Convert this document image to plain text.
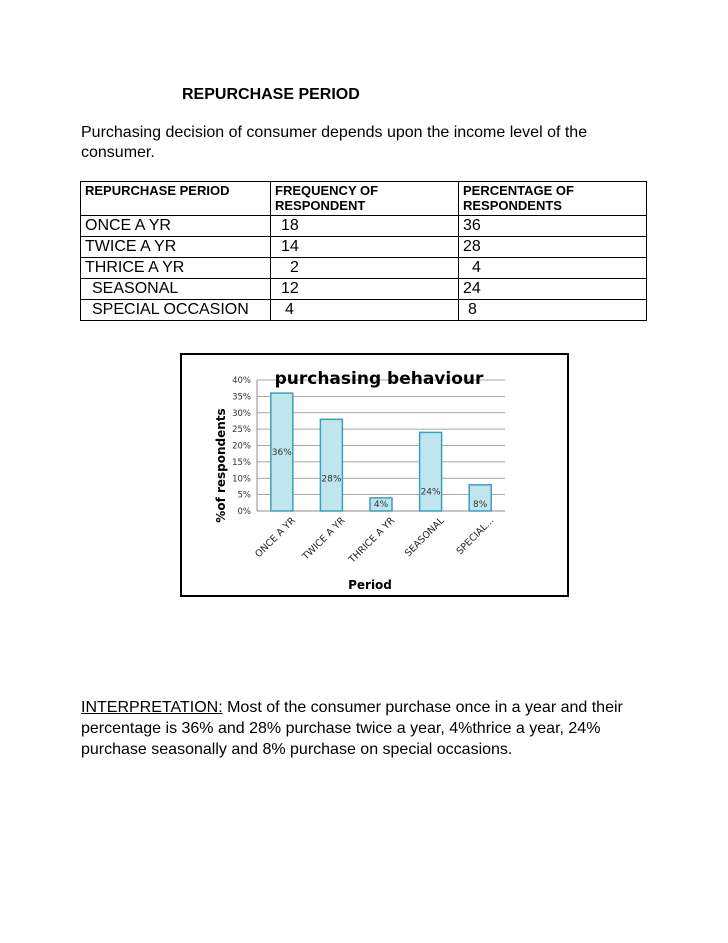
REPURCHASE PERIOD
Purchasing decision of consumer depends upon the income level of the consumer.
REPURCHASE PERIOD	FREQUENCY OF RESPONDENT	PERCENTAGE OF RESPONDENTS
ONCE A YR	18	36
TWICE A YR	14	28
THRICE A YR	2	4
SEASONAL	12	24
SPECIAL OCCASION	4	8
0%
5%
10%
15%
20%
25%
30%
35%
40%
36%
ONCE A YR
28%
TWICE A YR
4%
THRICE A YR
24%
SEASONAL
8%
SPECIAL...
purchasing behaviour
%of respondents
Period
INTERPRETATION: Most of the consumer purchase once in a year and their percentage is 36% and 28% purchase twice a year, 4%thrice a year, 24% purchase seasonally and 8% purchase on special occasions.
